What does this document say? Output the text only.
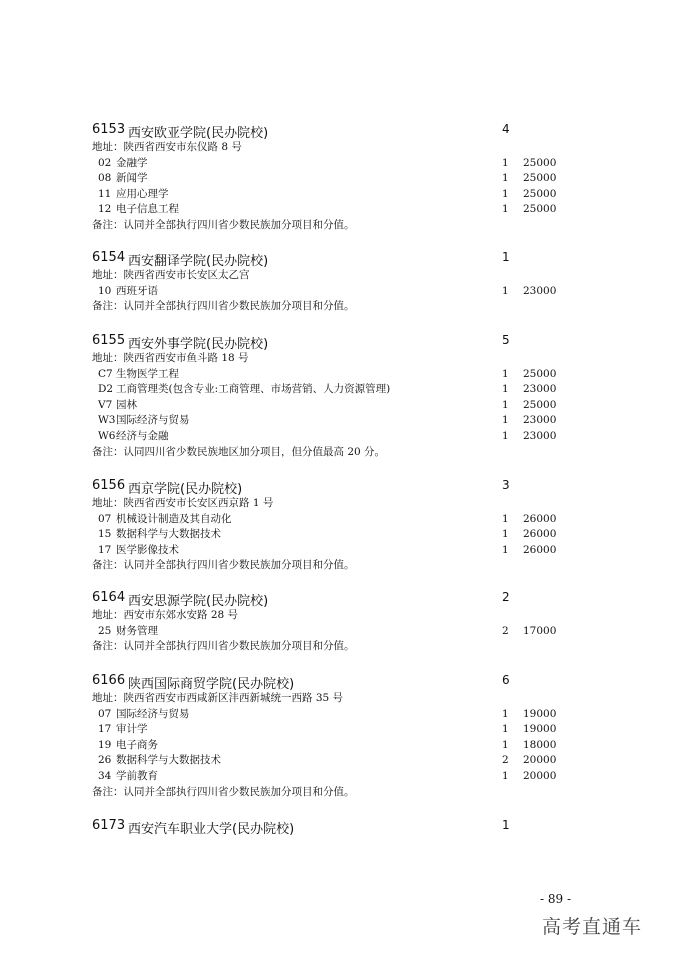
6153 西安欧亚学院(民办院校)	4
地址：陕西省西安市东仪路 8 号
02 金融学	1 25000
08 新闻学	1 25000
11 应用心理学	1 25000
12 电子信息工程	1 25000
备注：认同并全部执行四川省少数民族加分项目和分值。
6154 西安翻译学院(民办院校)	1
地址：陕西省西安市长安区太乙宫
10 西班牙语	1 23000
备注：认同并全部执行四川省少数民族加分项目和分值。
6155 西安外事学院(民办院校)	5
地址：陕西省西安市鱼斗路 18 号
C7 生物医学工程	1 25000
D2 工商管理类(包含专业:工商管理、市场营销、人力资源管理)	1 23000
V7 园林	1 25000
W3 国际经济与贸易	1 23000
W6 经济与金融	1 23000
备注：认同四川省少数民族地区加分项目，但分值最高 20 分。
6156 西京学院(民办院校)	3
地址：陕西省西安市长安区西京路 1 号
07 机械设计制造及其自动化	1 26000
15 数据科学与大数据技术	1 26000
17 医学影像技术	1 26000
备注：认同并全部执行四川省少数民族加分项目和分值。
6164 西安思源学院(民办院校)	2
地址：西安市东郊水安路 28 号
25 财务管理	2 17000
备注：认同并全部执行四川省少数民族加分项目和分值。
6166 陕西国际商贸学院(民办院校)	6
地址：陕西省西安市西咸新区沣西新城统一西路 35 号
07 国际经济与贸易	1 19000
17 审计学	1 19000
19 电子商务	1 18000
26 数据科学与大数据技术	2 20000
34 学前教育	1 20000
备注：认同并全部执行四川省少数民族加分项目和分值。
6173 西安汽车职业大学(民办院校)	1
- 89 -
高考直通车
